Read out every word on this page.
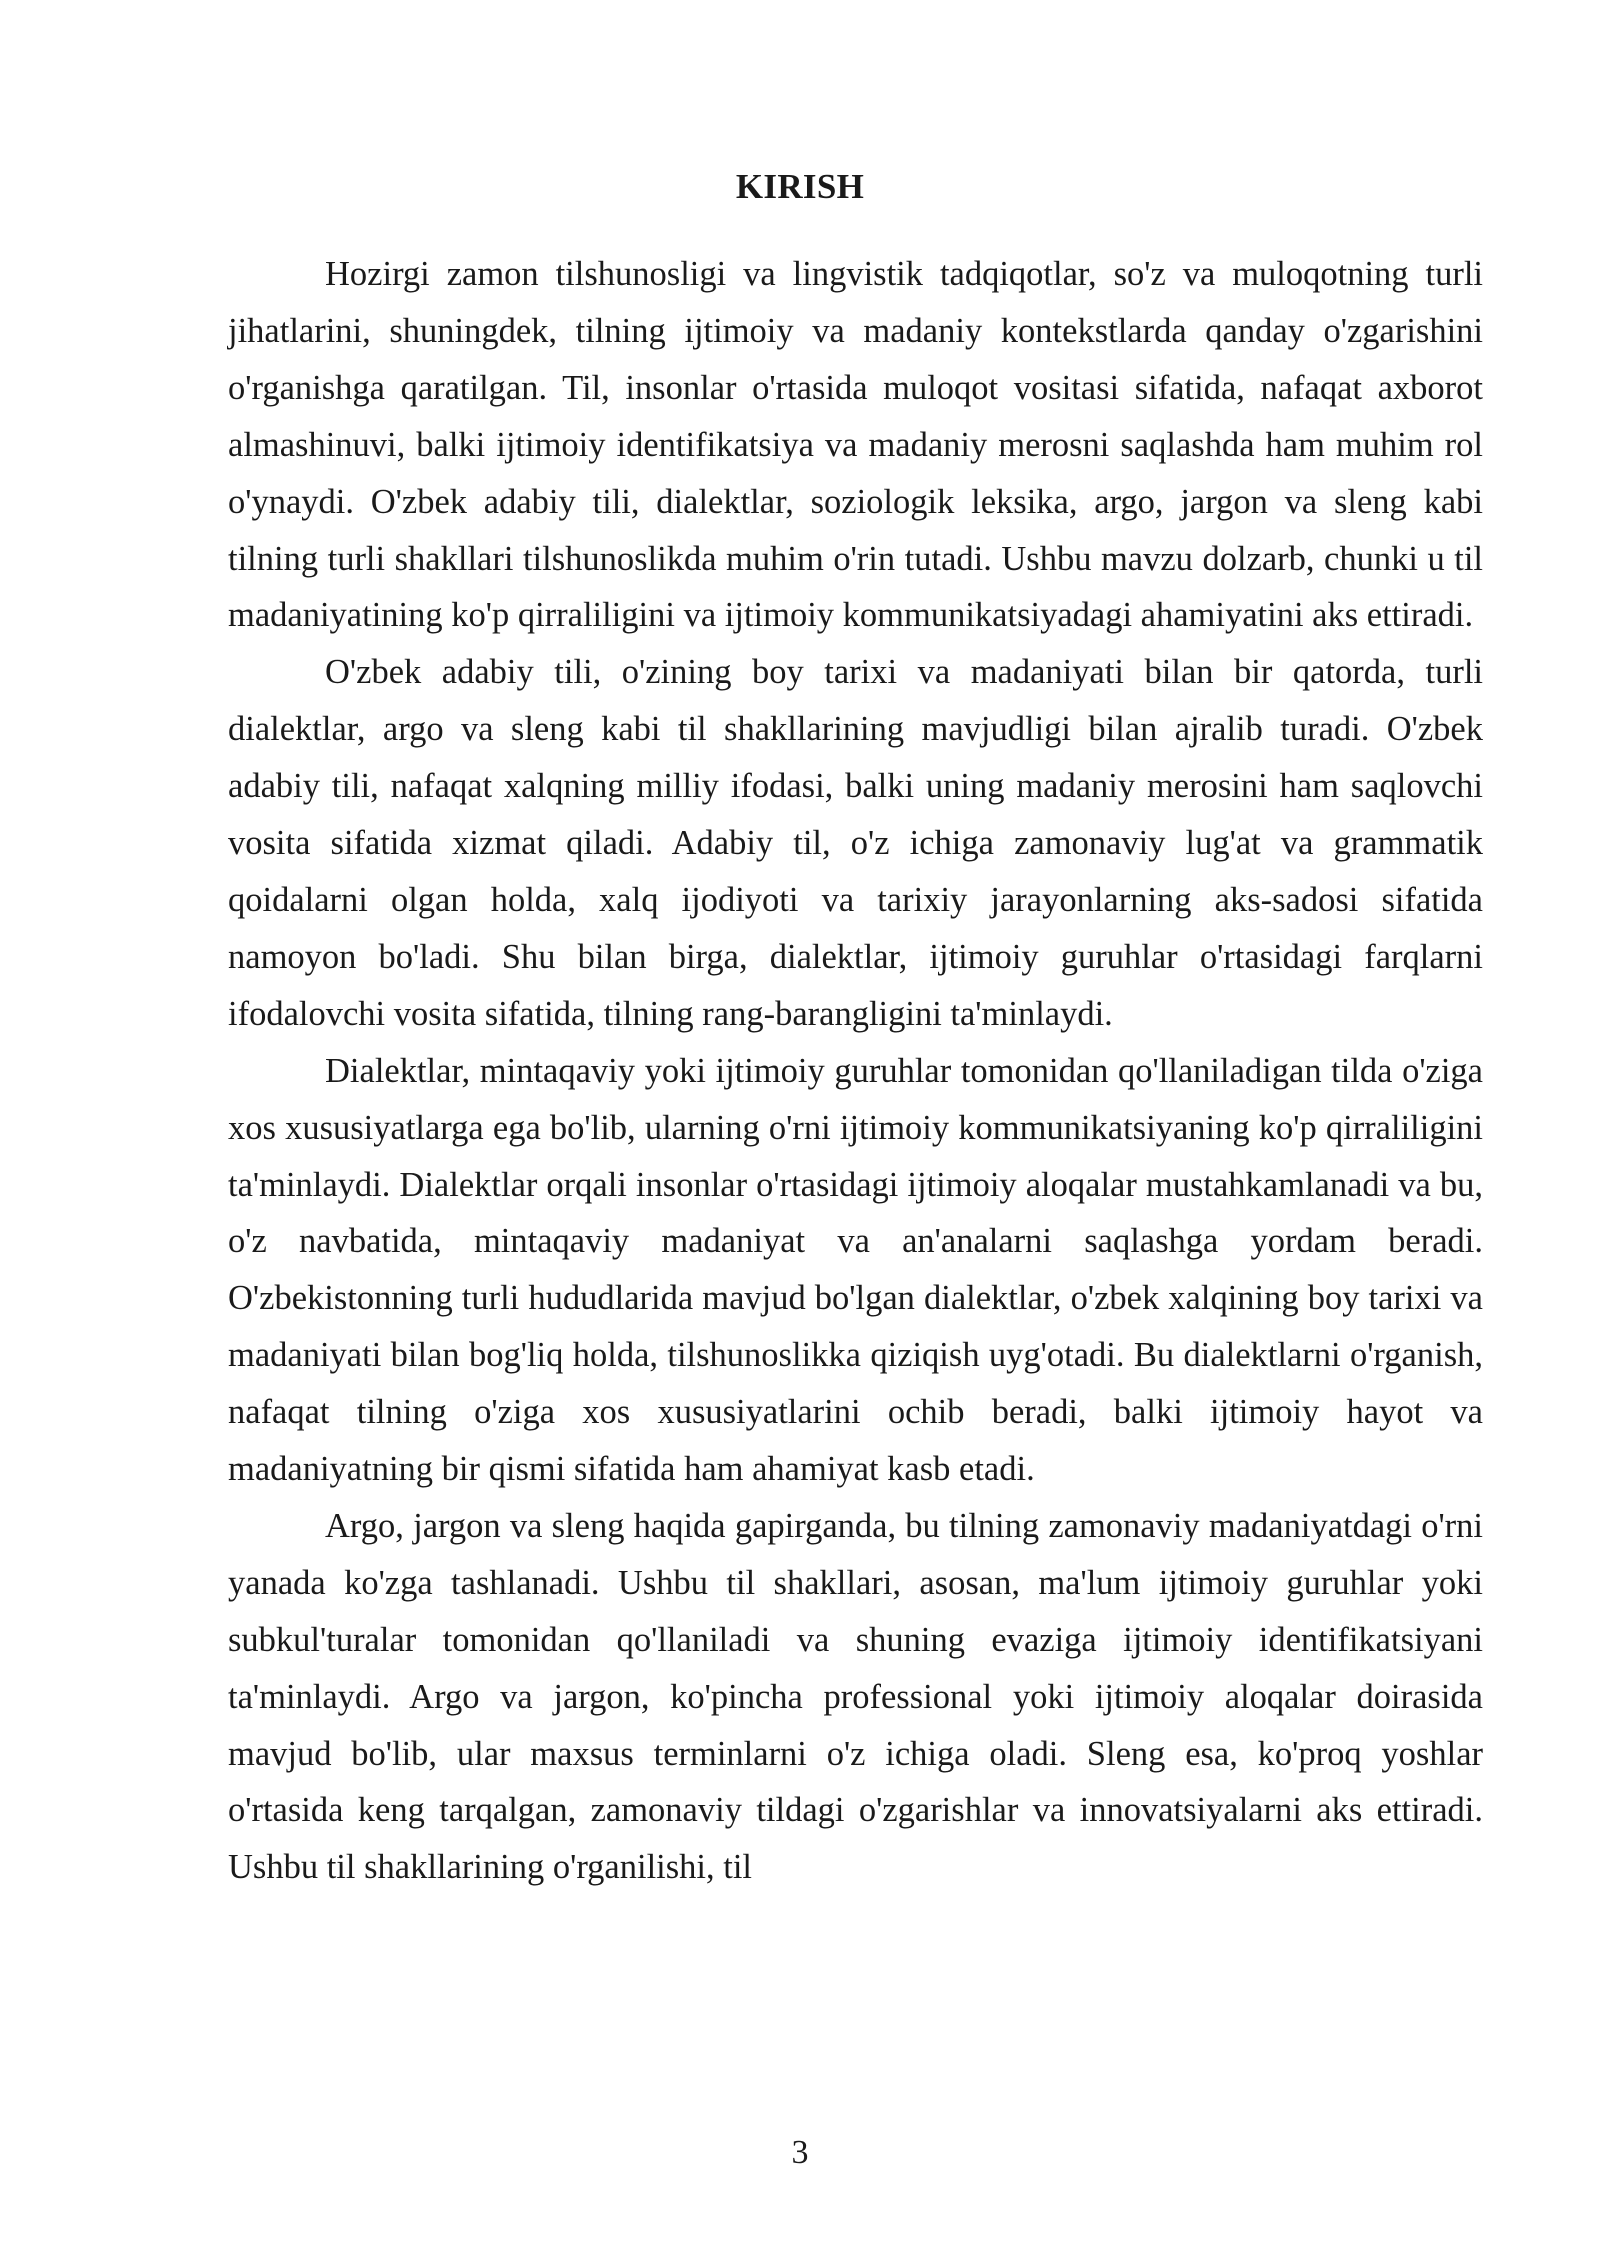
KIRISH

Hozirgi zamon tilshunosligi va lingvistik tadqiqotlar, so'z va muloqotning turli jihatlarini, shuningdek, tilning ijtimoiy va madaniy kontekstlarda qanday o'zgarishini o'rganishga qaratilgan. Til, insonlar o'rtasida muloqot vositasi sifatida, nafaqat axborot almashinuvi, balki ijtimoiy identifikatsiya va madaniy merosni saqlashda ham muhim rol o'ynaydi. O'zbek adabiy tili, dialektlar, soziologik leksika, argo, jargon va sleng kabi tilning turli shakllari tilshunoslikda muhim o'rin tutadi. Ushbu mavzu dolzarb, chunki u til madaniyatining ko'p qirraliligini va ijtimoiy kommunikatsiyadagi ahamiyatini aks ettiradi.

O'zbek adabiy tili, o'zining boy tarixi va madaniyati bilan bir qatorda, turli dialektlar, argo va sleng kabi til shakllarining mavjudligi bilan ajralib turadi. O'zbek adabiy tili, nafaqat xalqning milliy ifodasi, balki uning madaniy merosini ham saqlovchi vosita sifatida xizmat qiladi. Adabiy til, o'z ichiga zamonaviy lug'at va grammatik qoidalarni olgan holda, xalq ijodiyoti va tarixiy jarayonlarning aks-sadosi sifatida namoyon bo'ladi. Shu bilan birga, dialektlar, ijtimoiy guruhlar o'rtasidagi farqlarni ifodalovchi vosita sifatida, tilning rang-barangligini ta'minlaydi.

Dialektlar, mintaqaviy yoki ijtimoiy guruhlar tomonidan qo'llaniladigan tilda o'ziga xos xususiyatlarga ega bo'lib, ularning o'rni ijtimoiy kommunikatsiyaning ko'p qirraliligini ta'minlaydi. Dialektlar orqali insonlar o'rtasidagi ijtimoiy aloqalar mustahkamlanadi va bu, o'z navbatida, mintaqaviy madaniyat va an'analarni saqlashga yordam beradi. O'zbekistonning turli hududlarida mavjud bo'lgan dialektlar, o'zbek xalqining boy tarixi va madaniyati bilan bog'liq holda, tilshunoslikka qiziqish uyg'otadi. Bu dialektlarni o'rganish, nafaqat tilning o'ziga xos xususiyatlarini ochib beradi, balki ijtimoiy hayot va madaniyatning bir qismi sifatida ham ahamiyat kasb etadi.

Argo, jargon va sleng haqida gapirganda, bu tilning zamonaviy madaniyatdagi o'rni yanada ko'zga tashlanadi. Ushbu til shakllari, asosan, ma'lum ijtimoiy guruhlar yoki subkul'turalar tomonidan qo'llaniladi va shuning evaziga ijtimoiy identifikatsiyani ta'minlaydi. Argo va jargon, ko'pincha professional yoki ijtimoiy aloqalar doirasida mavjud bo'lib, ular maxsus terminlarni o'z ichiga oladi. Sleng esa, ko'proq yoshlar o'rtasida keng tarqalgan, zamonaviy tildagi o'zgarishlar va innovatsiyalarni aks ettiradi. Ushbu til shakllarining o'rganilishi, til

3
